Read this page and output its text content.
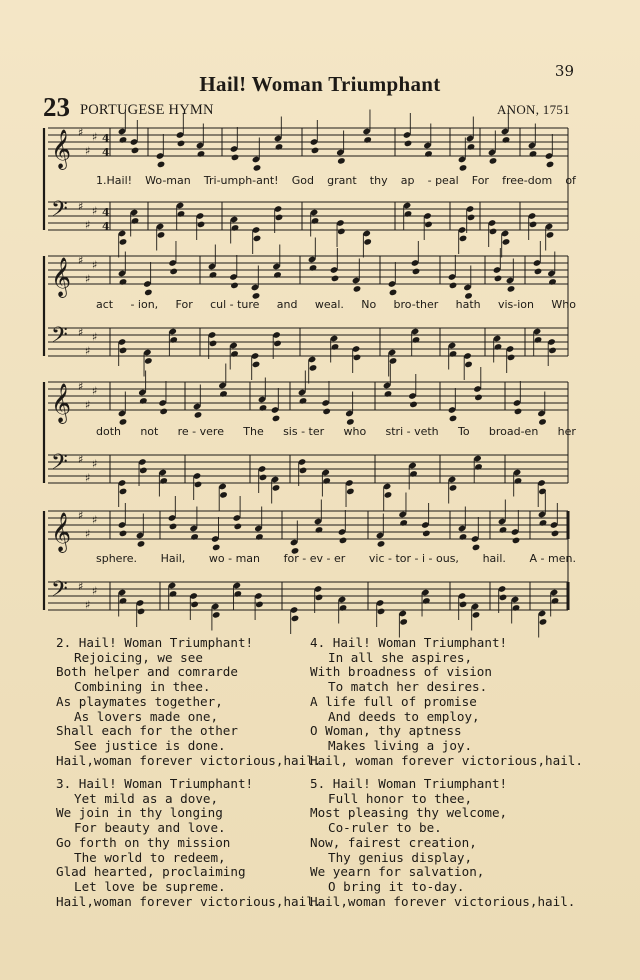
39
Hail! Woman Triumphant
23 PORTUGESE HYMN	ANON, 1751
𝄞 ♯
♯
♯ 4
4
𝄢 ♯
♯
♯ 4
4
𝄞 ♯
♯
♯
𝄢 ♯
♯
♯
𝄞 ♯
♯
♯
𝄢 ♯
♯
♯
𝄞 ♯
♯
♯
𝄢 ♯
♯
♯
1.Hail! Wo-man Tri-umph-ant! God grant thy ap - peal For free-dom of
act - ion, For cul - ture and weal. No bro-ther hath vis-ion Who
doth not re - vere The sis - ter who stri - veth To broad-en her
sphere. Hail, wo - man for - ev - er vic - tor - i - ous, hail. A - men.
2. Hail! Woman Triumphant!
Rejoicing, we see
Both helper and comrarde
Combining in thee.
As playmates together,
As lovers made one,
Shall each for the other
See justice is done.
Hail,woman forever victorious,hail.
4. Hail! Woman Triumphant!
In all she aspires,
With broadness of vision
To match her desires.
A life full of promise
And deeds to employ,
O Woman, thy aptness
Makes living a joy.
Hail, woman forever victorious,hail.
3. Hail! Woman Triumphant!
Yet mild as a dove,
We join in thy longing
For beauty and love.
Go forth on thy mission
The world to redeem,
Glad hearted, proclaiming
Let love be supreme.
Hail,woman forever victorious,hail.
5. Hail! Woman Triumphant!
Full honor to thee,
Most pleasing thy welcome,
Co-ruler to be.
Now, fairest creation,
Thy genius display,
We yearn for salvation,
O bring it to-day.
Hail,woman forever victorious,hail.
